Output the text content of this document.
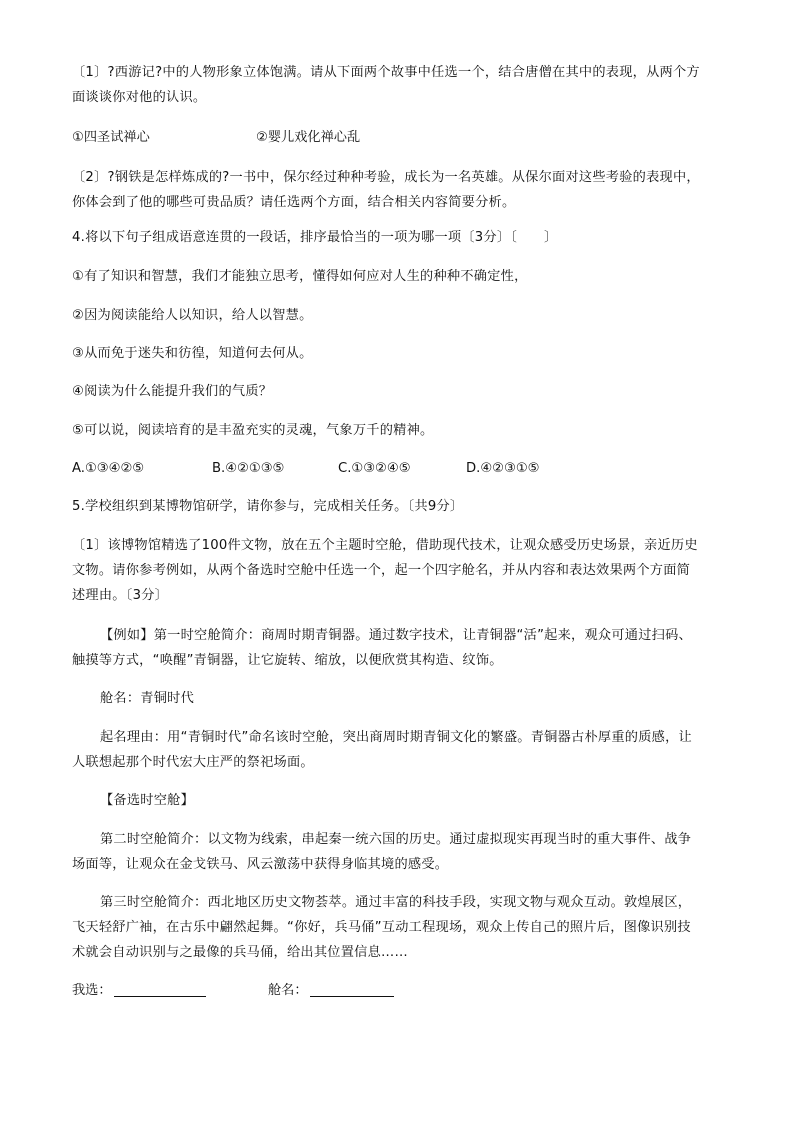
〔1〕?西游记?中的人物形象立体饱满。请从下面两个故事中任选一个，结合唐僧在其中的表现，从两个方
面谈谈你对他的认识。
①四圣试禅心	②婴儿戏化禅心乱
〔2〕?钢铁是怎样炼成的?一书中，保尔经过种种考验，成长为一名英雄。从保尔面对这些考验的表现中，
你体会到了他的哪些可贵品质？请任选两个方面，结合相关内容简要分析。
4.将以下句子组成语意连贯的一段话，排序最恰当的一项为哪一项〔3分〕〔　　〕
①有了知识和智慧，我们才能独立思考，懂得如何应对人生的种种不确定性，
②因为阅读能给人以知识，给人以智慧。
③从而免于迷失和彷徨，知道何去何从。
④阅读为什么能提升我们的气质？
⑤可以说，阅读培育的是丰盈充实的灵魂，气象万千的精神。
A.①③④②⑤	B.④②①③⑤	C.①③②④⑤	D.④②③①⑤
5.学校组织到某博物馆研学，请你参与，完成相关任务。〔共9分〕
〔1〕该博物馆精选了100件文物，放在五个主题时空舱，借助现代技术，让观众感受历史场景，亲近历史
文物。请你参考例如，从两个备选时空舱中任选一个，起一个四字舱名，并从内容和表达效果两个方面简
述理由。〔3分〕
【例如】第一时空舱简介：商周时期青铜器。通过数字技术，让青铜器“活”起来，观众可通过扫码、
触摸等方式，“唤醒”青铜器，让它旋转、缩放，以便欣赏其构造、纹饰。
舱名：青铜时代
起名理由：用“青铜时代”命名该时空舱，突出商周时期青铜文化的繁盛。青铜器古朴厚重的质感，让
人联想起那个时代宏大庄严的祭祀场面。
【备选时空舱】
第二时空舱简介：以文物为线索，串起秦一统六国的历史。通过虚拟现实再现当时的重大事件、战争
场面等，让观众在金戈铁马、风云激荡中获得身临其境的感受。
第三时空舱简介：西北地区历史文物荟萃。通过丰富的科技手段，实现文物与观众互动。敦煌展区，
飞天轻舒广袖，在古乐中翩然起舞。“你好，兵马俑”互动工程现场，观众上传自己的照片后，图像识别技
术就会自动识别与之最像的兵马俑，给出其位置信息……
我选：	舱名：
